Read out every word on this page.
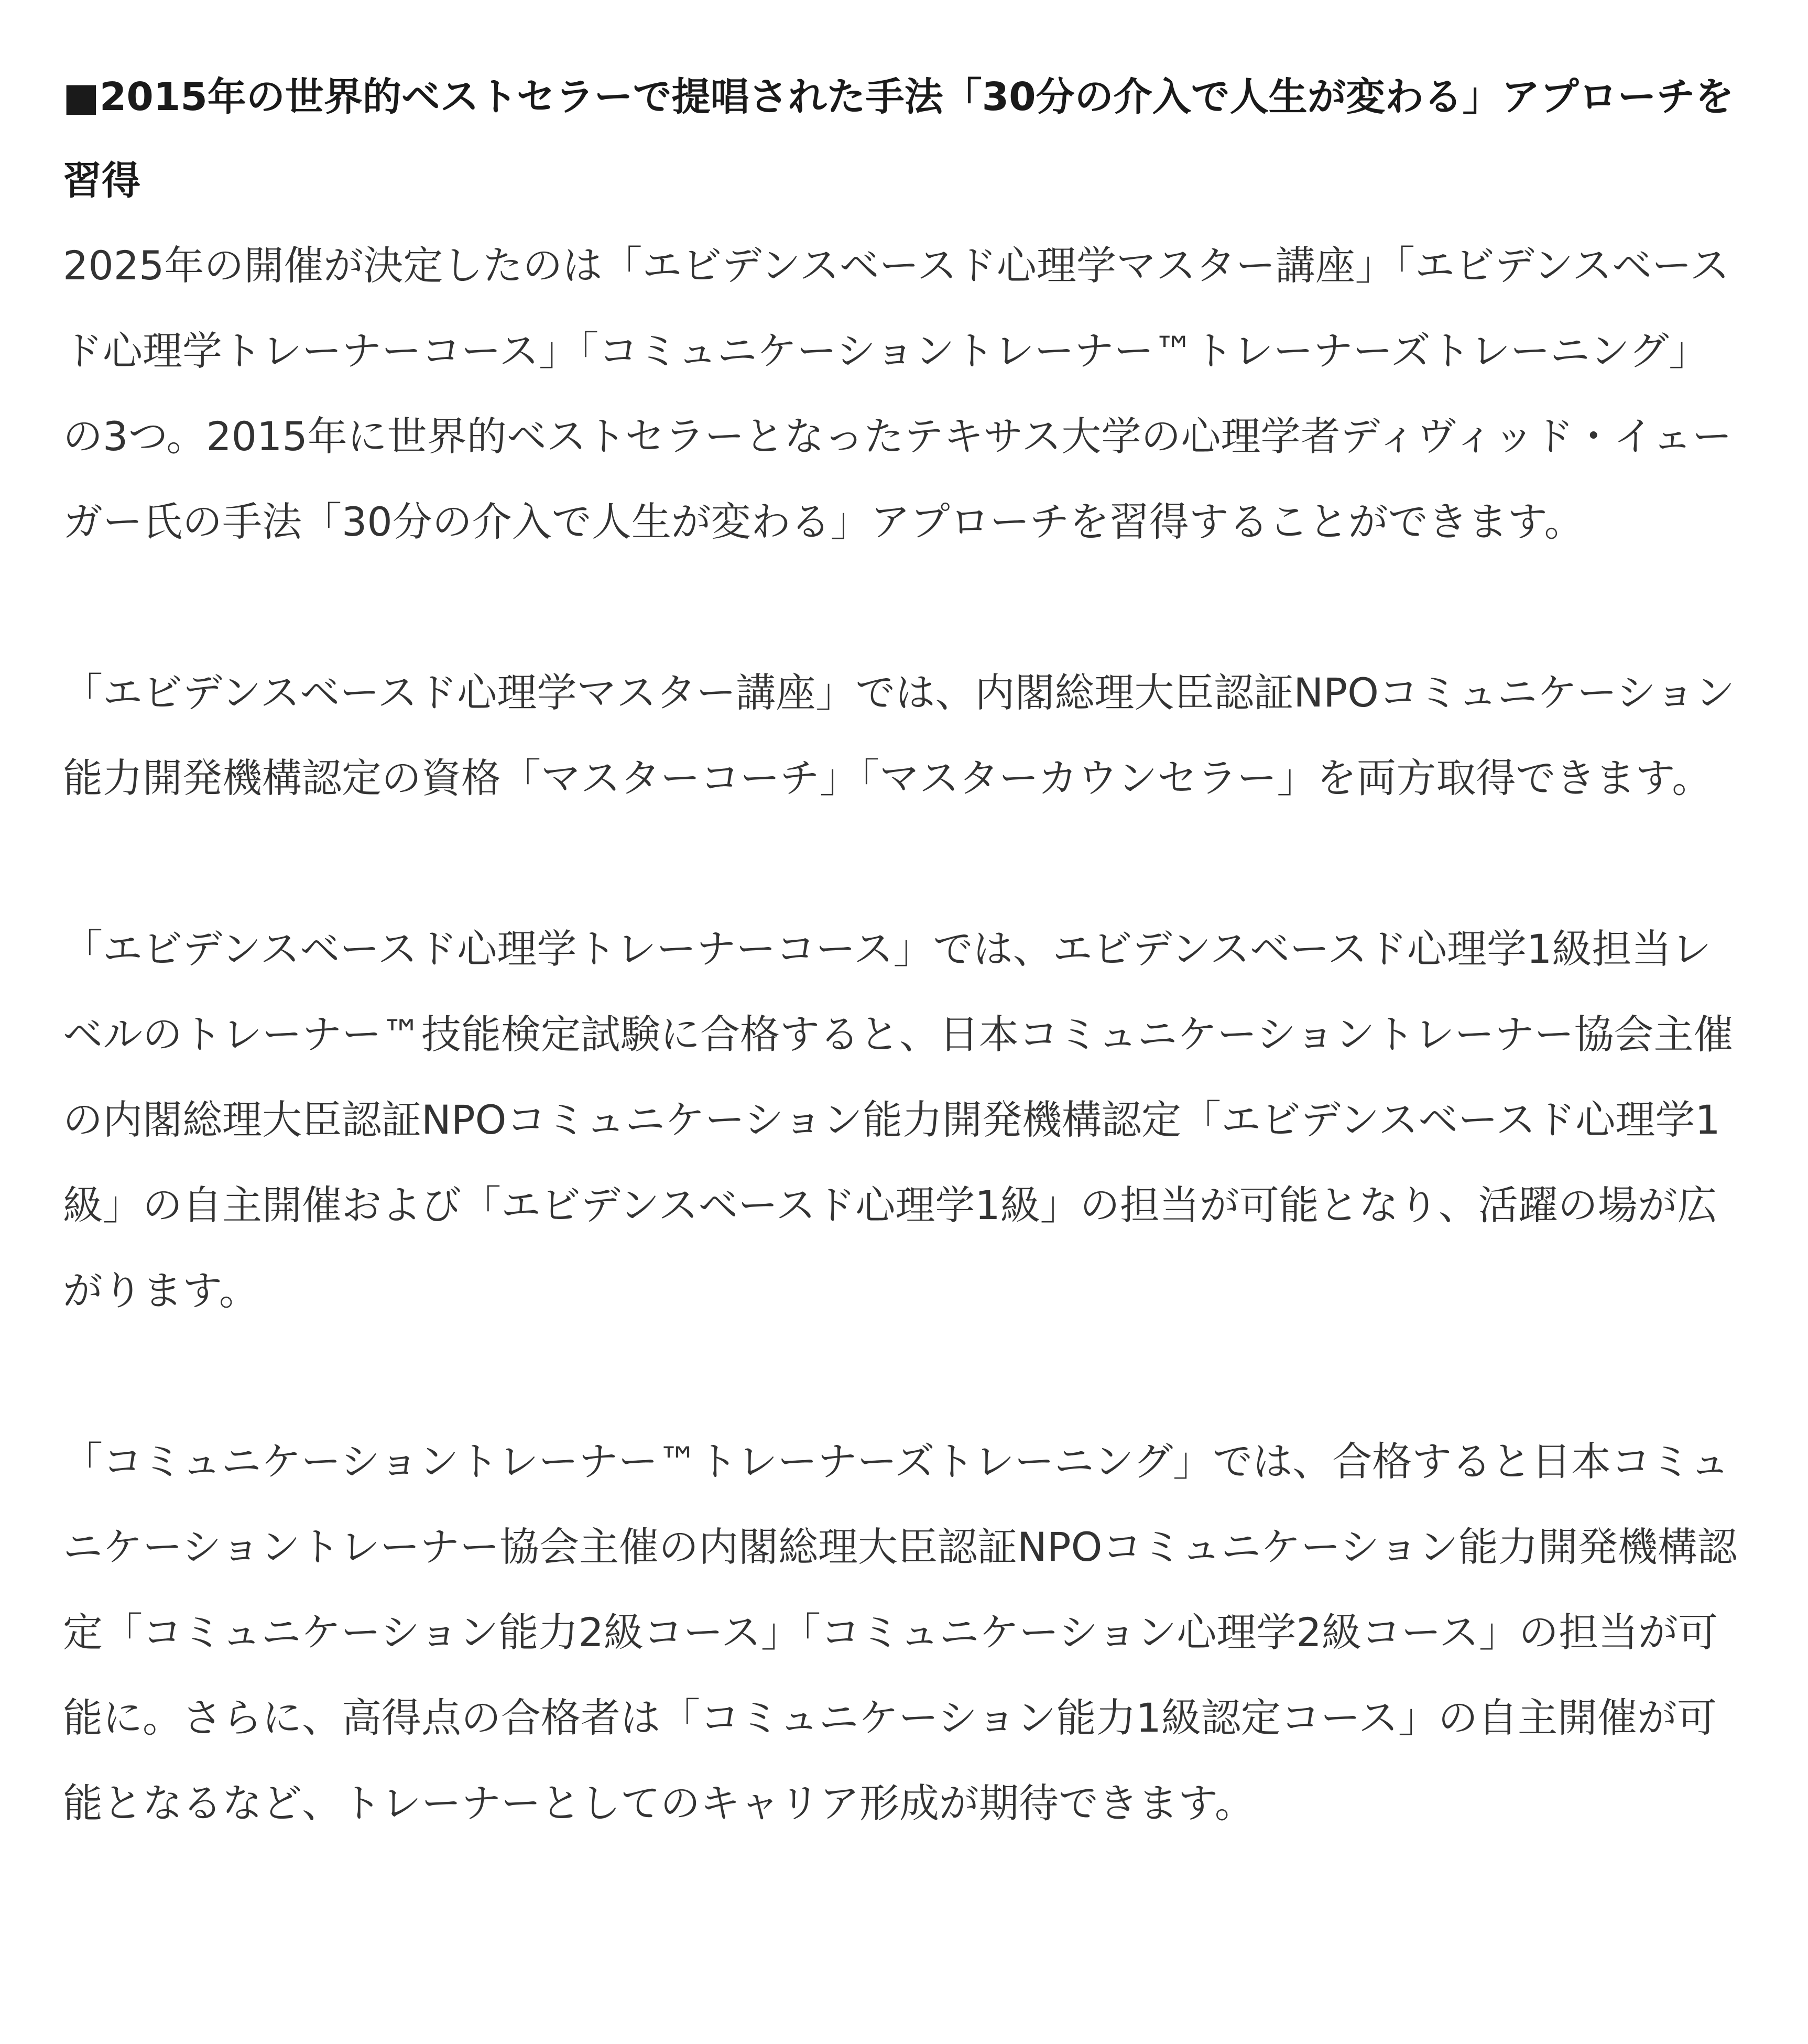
■2015年の世界的ベストセラーで提唱された手法「30分の介入で人生が変わる」アプローチを習得

2025年の開催が決定したのは「エビデンスベースド心理学マスター講座」「エビデンスベースド心理学トレーナーコース」「コミュニケーショントレーナー™トレーナーズトレーニング」の3つ。2015年に世界的ベストセラーとなったテキサス大学の心理学者ディヴィッド・イェーガー氏の手法「30分の介入で人生が変わる」アプローチを習得することができます。

「エビデンスベースド心理学マスター講座」では、内閣総理大臣認証NPOコミュニケーション能力開発機構認定の資格「マスターコーチ」「マスターカウンセラー」を両方取得できます。

「エビデンスベースド心理学トレーナーコース」では、エビデンスベースド心理学1級担当レベルのトレーナー™技能検定試験に合格すると、日本コミュニケーショントレーナー協会主催の内閣総理大臣認証NPOコミュニケーション能力開発機構認定「エビデンスベースド心理学1級」の自主開催および「エビデンスベースド心理学1級」の担当が可能となり、活躍の場が広がります。

「コミュニケーショントレーナー™トレーナーズトレーニング」では、合格すると日本コミュニケーショントレーナー協会主催の内閣総理大臣認証NPOコミュニケーション能力開発機構認定「コミュニケーション能力2級コース」「コミュニケーション心理学2級コース」の担当が可能に。さらに、高得点の合格者は「コミュニケーション能力1級認定コース」の自主開催が可能となるなど、トレーナーとしてのキャリア形成が期待できます。
